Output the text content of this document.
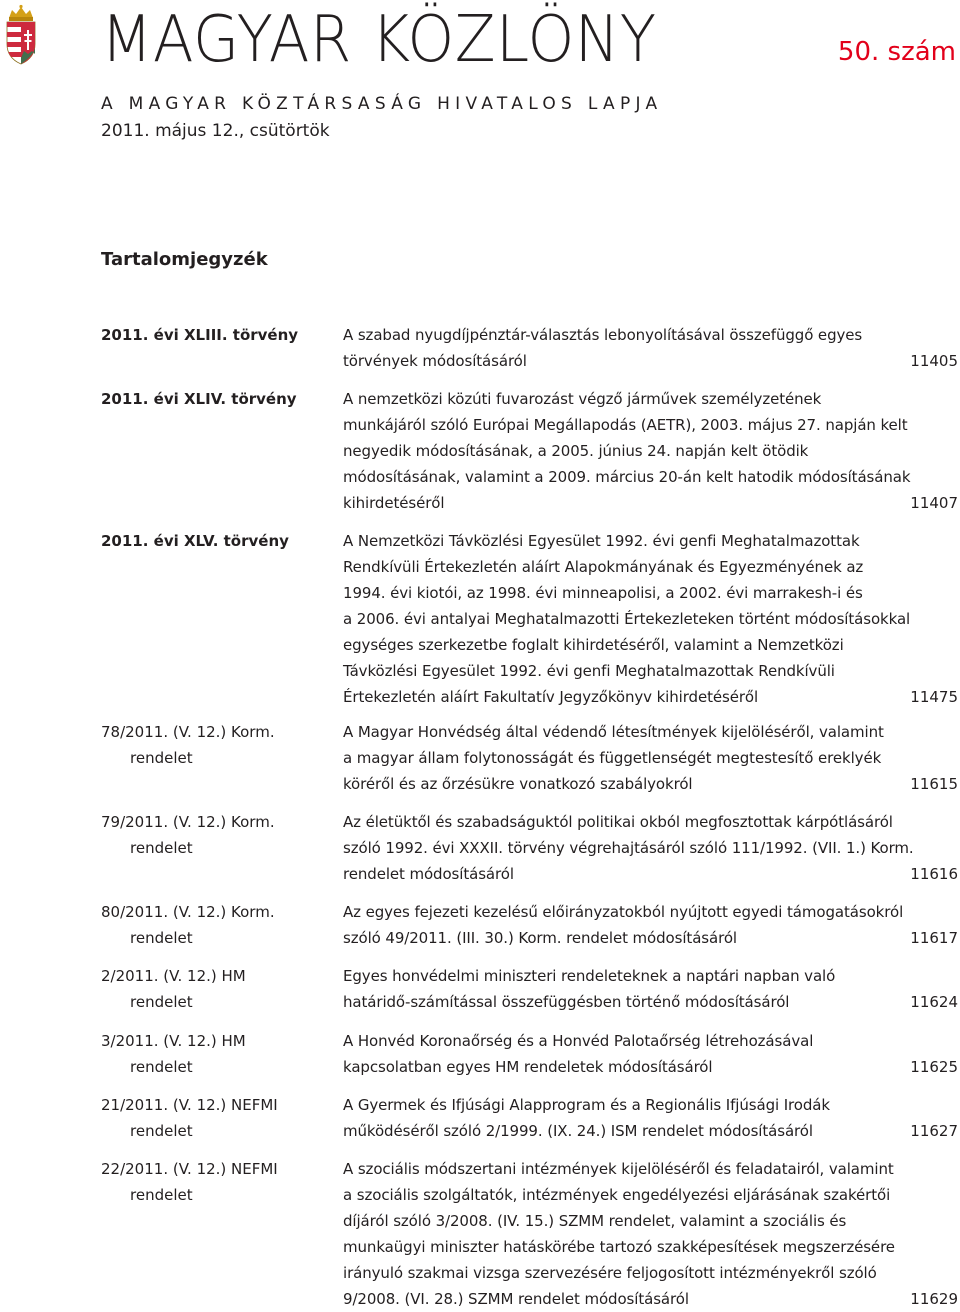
MAGYAR KÖZLÖNY	50. szám
A MAGYAR KÖZTÁRSASÁG HIVATALOS LAPJA
2011. május 12., csütörtök
Tartalomjegyzék
2011. évi XLIII. törvény	A szabad nyugdíjpénztár-választás lebonyolításával összefüggő egyes
törvények módosításáról	11405
2011. évi XLIV. törvény	A nemzetközi közúti fuvarozást végző járművek személyzetének
munkájáról szóló Európai Megállapodás (AETR), 2003. május 27. napján kelt
negyedik módosításának, a 2005. június 24. napján kelt ötödik
módosításának, valamint a 2009. március 20-án kelt hatodik módosításának
kihirdetéséről	11407
2011. évi XLV. törvény	A Nemzetközi Távközlési Egyesület 1992. évi genfi Meghatalmazottak
Rendkívüli Értekezletén aláírt Alapokmányának és Egyezményének az
1994. évi kiotói, az 1998. évi minneapolisi, a 2002. évi marrakesh-i és
a 2006. évi antalyai Meghatalmazotti Értekezleteken történt módosításokkal
egységes szerkezetbe foglalt kihirdetéséről, valamint a Nemzetközi
Távközlési Egyesület 1992. évi genfi Meghatalmazottak Rendkívüli
Értekezletén aláírt Fakultatív Jegyzőkönyv kihirdetéséről	11475
78/2011. (V. 12.) Korm.
rendelet
A Magyar Honvédség által védendő létesítmények kijelöléséről, valamint
a magyar állam folytonosságát és függetlenségét megtestesítő ereklyék
köréről és az őrzésükre vonatkozó szabályokról	11615
79/2011. (V. 12.) Korm.
rendelet
Az életüktől és szabadságuktól politikai okból megfosztottak kárpótlásáról
szóló 1992. évi XXXII. törvény végrehajtásáról szóló 111/1992. (VII. 1.) Korm.
rendelet módosításáról	11616
80/2011. (V. 12.) Korm.
rendelet
Az egyes fejezeti kezelésű előirányzatokból nyújtott egyedi támogatásokról
szóló 49/2011. (III. 30.) Korm. rendelet módosításáról	11617
2/2011. (V. 12.) HM
rendelet
Egyes honvédelmi miniszteri rendeleteknek a naptári napban való
határidő-számítással összefüggésben történő módosításáról	11624
3/2011. (V. 12.) HM
rendelet
A Honvéd Koronaőrség és a Honvéd Palotaőrség létrehozásával
kapcsolatban egyes HM rendeletek módosításáról	11625
21/2011. (V. 12.) NEFMI
rendelet
A Gyermek és Ifjúsági Alapprogram és a Regionális Ifjúsági Irodák
működéséről szóló 2/1999. (IX. 24.) ISM rendelet módosításáról	11627
22/2011. (V. 12.) NEFMI
rendelet
A szociális módszertani intézmények kijelöléséről és feladatairól, valamint
a szociális szolgáltatók, intézmények engedélyezési eljárásának szakértői
díjáról szóló 3/2008. (IV. 15.) SZMM rendelet, valamint a szociális és
munkaügyi miniszter hatáskörébe tartozó szakképesítések megszerzésére
irányuló szakmai vizsga szervezésére feljogosított intézményekről szóló
9/2008. (VI. 28.) SZMM rendelet módosításáról	11629
